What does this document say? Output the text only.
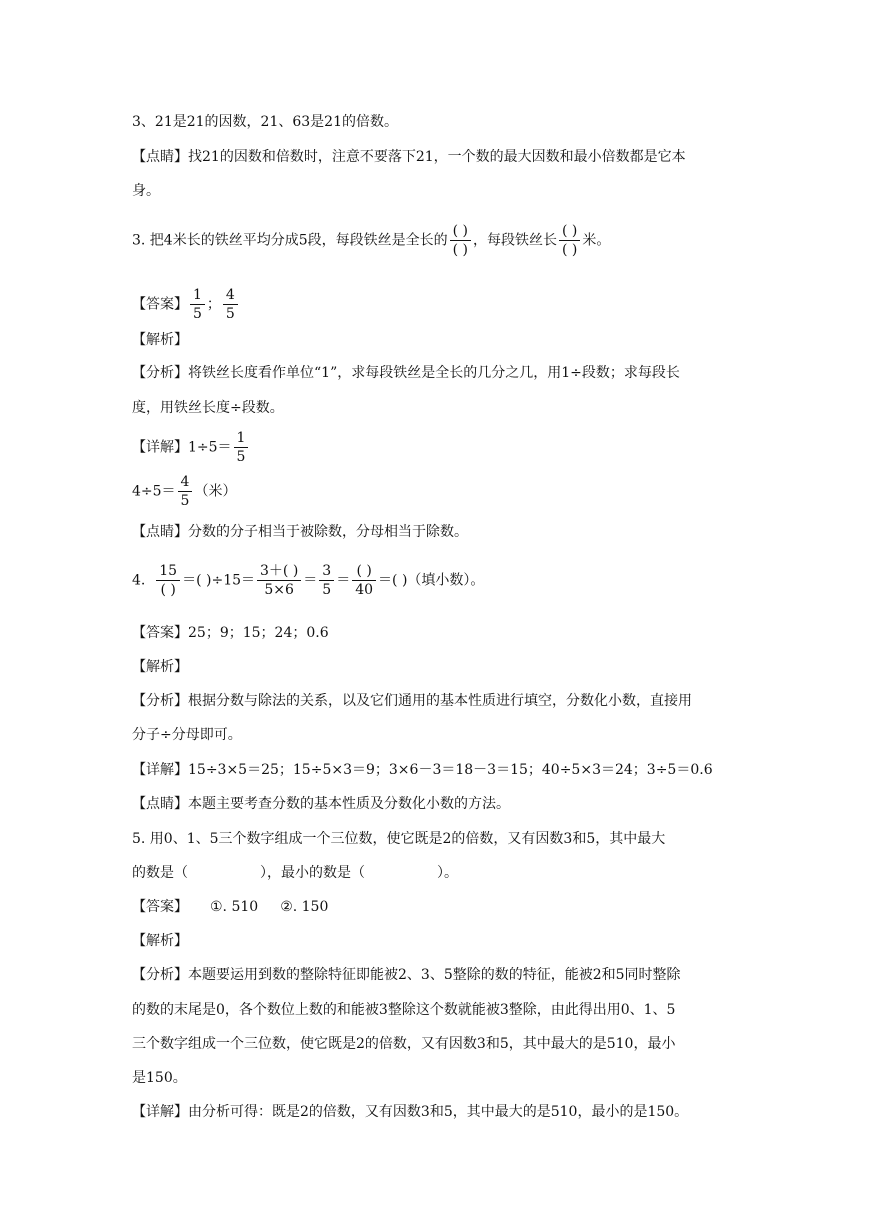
3、21是21的因数，21、63是21的倍数。
【点睛】找21的因数和倍数时，注意不要落下21，一个数的最大因数和最小倍数都是它本
身。
3. 把4米长的铁丝平均分成5段，每段铁丝是全长的 $\frac{( )}{( )}$ ，每段铁丝长 $\frac{( )}{( )}$ 米。
【答案】 $\frac{1}{5}$ ； $\frac{4}{5}$
【解析】
【分析】将铁丝长度看作单位“1”，求每段铁丝是全长的几分之几，用1÷段数；求每段长
度，用铁丝长度÷段数。
【详解】$1\div 5= \frac{1}{5}$
$4\div 5= \frac{4}{5}$ （米）
【点睛】分数的分子相当于被除数，分母相当于除数。
4. $\frac{15}{( )}$ ＝( )$\div 15= \frac{3+( )}{5\times 6} = \frac{3}{5} = \frac{( )}{40}$ ＝( )（填小数）。
【答案】25；9；15；24；0.6
【解析】
【分析】根据分数与除法的关系，以及它们通用的基本性质进行填空，分数化小数，直接用
分子÷分母即可。
【详解】15÷3×5＝25；15÷5×3＝9；3×6－3＝18－3＝15；40÷5×3＝24；3÷5＝0.6
【点睛】本题主要考查分数的基本性质及分数化小数的方法。
5. 用0、1、5三个数字组成一个三位数，使它既是2的倍数，又有因数3和5，其中最大
的数是（	），最小的数是（	）。
【答案】 ①. 510 ②. 150
【解析】
【分析】本题要运用到数的整除特征即能被2、3、5整除的数的特征，能被2和5同时整除
的数的末尾是0，各个数位上数的和能被3整除这个数就能被3整除，由此得出用0、1、5
三个数字组成一个三位数，使它既是2的倍数，又有因数3和5，其中最大的是510，最小
是150。
【详解】由分析可得：既是2的倍数，又有因数3和5，其中最大的是510，最小的是150。
